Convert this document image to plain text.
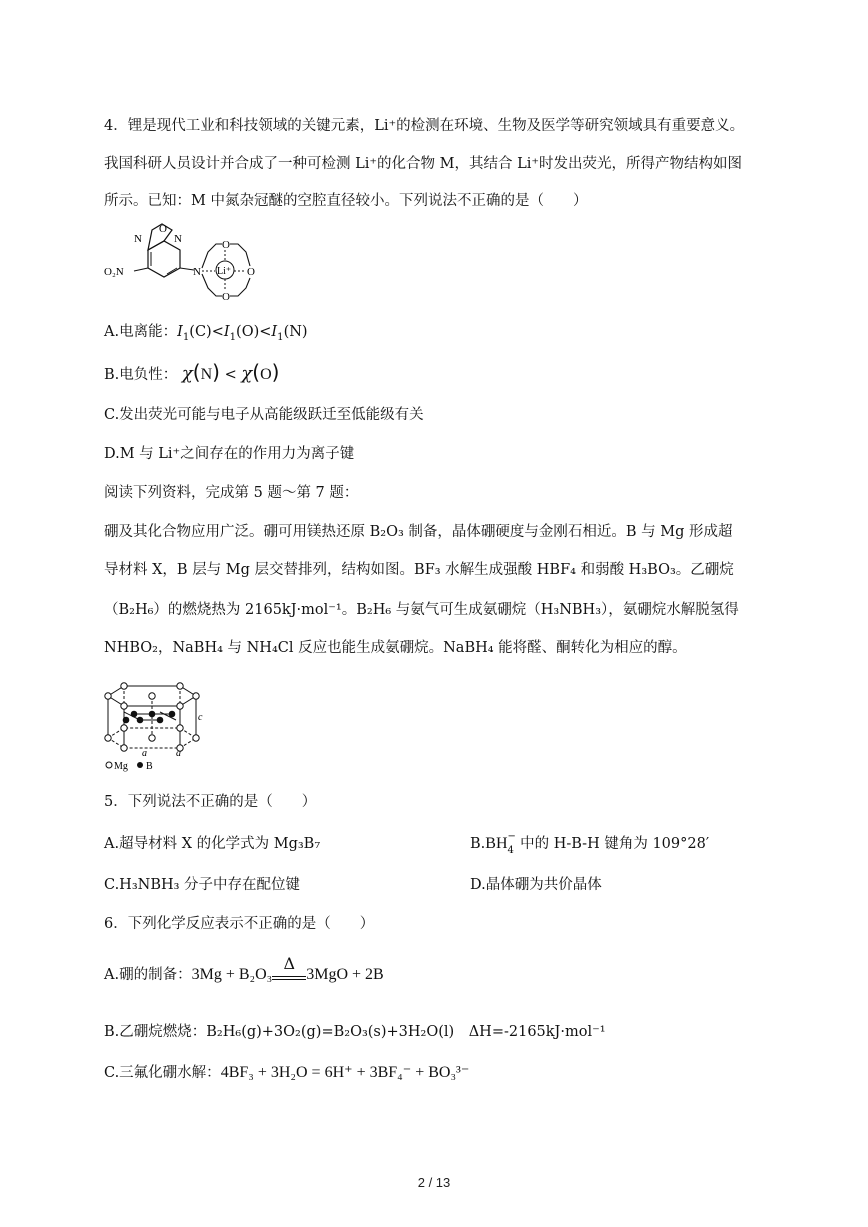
4．锂是现代工业和科技领域的关键元素，Li⁺的检测在环境、生物及医学等研究领域具有重要意义。
我国科研人员设计并合成了一种可检测 Li⁺的化合物 M，其结合 Li⁺时发出荧光，所得产物结构如图
所示。已知：M 中氮杂冠醚的空腔直径较小。下列说法不正确的是（　　）
N
O
N
O₂N	N
O
O
O
Li⁺
A.电离能：$I_1(C)<I_1(O)<I_1(N)$
B.电负性： χ(N) < χ(O)
C.发出荧光可能与电子从高能级跃迁至低能级有关
D.M 与 Li⁺之间存在的作用力为离子键
阅读下列资料，完成第 5 题～第 7 题：
硼及其化合物应用广泛。硼可用镁热还原 B₂O₃ 制备，晶体硼硬度与金刚石相近。B 与 Mg 形成超
导材料 X，B 层与 Mg 层交替排列，结构如图。BF₃ 水解生成强酸 HBF₄ 和弱酸 H₃BO₃。乙硼烷
（B₂H₆）的燃烧热为 2165kJ·mol⁻¹。B₂H₆ 与氨气可生成氨硼烷（H₃NBH₃），氨硼烷水解脱氢得
NHBO₂，NaBH₄ 与 NH₄Cl 反应也能生成氨硼烷。NaBH₄ 能将醛、酮转化为相应的醇。
c
a	a
Mg B
5．下列说法不正确的是（　　）
A.超导材料 X 的化学式为 Mg₃B₇	B.BH −
4 中的 H-B-H 键角为 109°28′
C.H₃NBH₃ 分子中存在配位键	D.晶体硼为共价晶体
6．下列化学反应表示不正确的是（　　）
A.硼的制备：3Mg + B₂O₃
Δ
3MgO + 2B
B.乙硼烷燃烧：B₂H₆(g)+3O₂(g)=B₂O₃(s)+3H₂O(l)　ΔH=-2165kJ·mol⁻¹
C.三氟化硼水解：4BF₃ + 3H₂O = 6H⁺ + 3BF₄⁻ + BO₃³⁻
2 / 13
